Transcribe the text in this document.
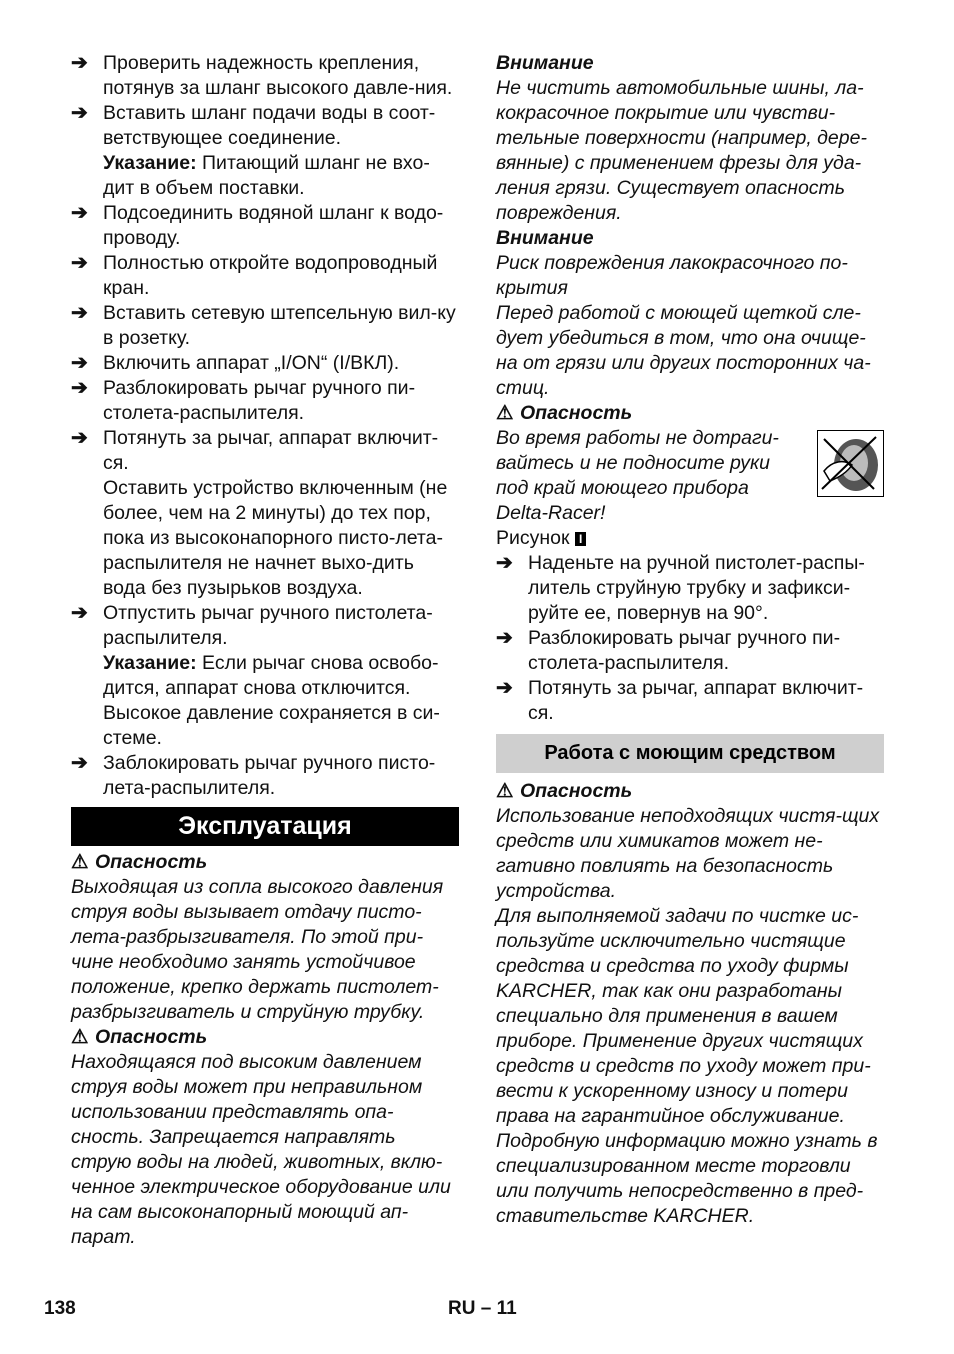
➔ Проверить надежность крепления, потянув за шланг высокого давле-ния.
➔ Вставить шланг подачи воды в соот-ветствующее соединение.
Указание: Питающий шланг не вхо-дит в объем поставки.
➔ Подсоединить водяной шланг к водо-проводу.
➔ Полностью откройте водопроводный кран.
➔ Вставить сетевую штепсельную вил-ку в розетку.
➔ Включить аппарат „I/ON“ (I/ВКЛ).
➔ Разблокировать рычаг ручного пи-столета-распылителя.
➔ Потянуть за рычаг, аппарат включит-ся.
Оставить устройство включенным (не более, чем на 2 минуты) до тех пор, пока из высоконапорного писто-лета-распылителя не начнет выхо-дить вода без пузырьков воздуха.
➔ Отпустить рычаг ручного пистолета-распылителя.
Указание: Если рычаг снова освобо-дится, аппарат снова отключится. Высокое давление сохраняется в си-стеме.
➔ Заблокировать рычаг ручного писто-лета-распылителя.
Эксплуатация
⚠ Опасность
Выходящая из сопла высокого давления струя воды вызывает отдачу писто-лета-разбрызгивателя. По этой при-чине необходимо занять устойчивое положение, крепко держать пистолет-разбрызгиватель и струйную трубку.
⚠ Опасность
Находящаяся под высоким давлением струя воды может при неправильном использовании представлять опа-сность. Запрещается направлять струю воды на людей, животных, вклю-ченное электрическое оборудование или на сам высоконапорный моющий ап-парат.
Внимание
Не чистить автомобильные шины, ла-кокрасочное покрытие или чувстви-тельные поверхности (например, дере-вянные) с применением фрезы для уда-ления грязи. Существует опасность повреждения.
Внимание
Риск повреждения лакокрасочного по-крытия
Перед работой с моющей щеткой сле-дует убедиться в том, что она очище-на от грязи или других посторонних ча-стиц.
⚠ Опасность
Во время работы не дотраги-вайтесь и не подносите руки под край моющего прибора Delta-Racer!
Рисунок I
➔ Наденьте на ручной пистолет-распы-литель струйную трубку и зафикси-руйте ее, повернув на 90°.
➔ Разблокировать рычаг ручного пи-столета-распылителя.
➔ Потянуть за рычаг, аппарат включит-ся.
Работа с моющим средством
⚠ Опасность
Использование неподходящих чистя-щих средств или химикатов может не-гативно повлиять на безопасность устройства.
Для выполняемой задачи по чистке ис-пользуйте исключительно чистящие средства и средства по уходу фирмы KARCHER, так как они разработаны специально для применения в вашем приборе. Применение других чистящих средств и средств по уходу может при-вести к ускоренному износу и потери права на гарантийное обслуживание. Подробную информацию можно узнать в специализированном месте торговли или получить непосредственно в пред-ставительстве KARCHER.
138	RU – 11
